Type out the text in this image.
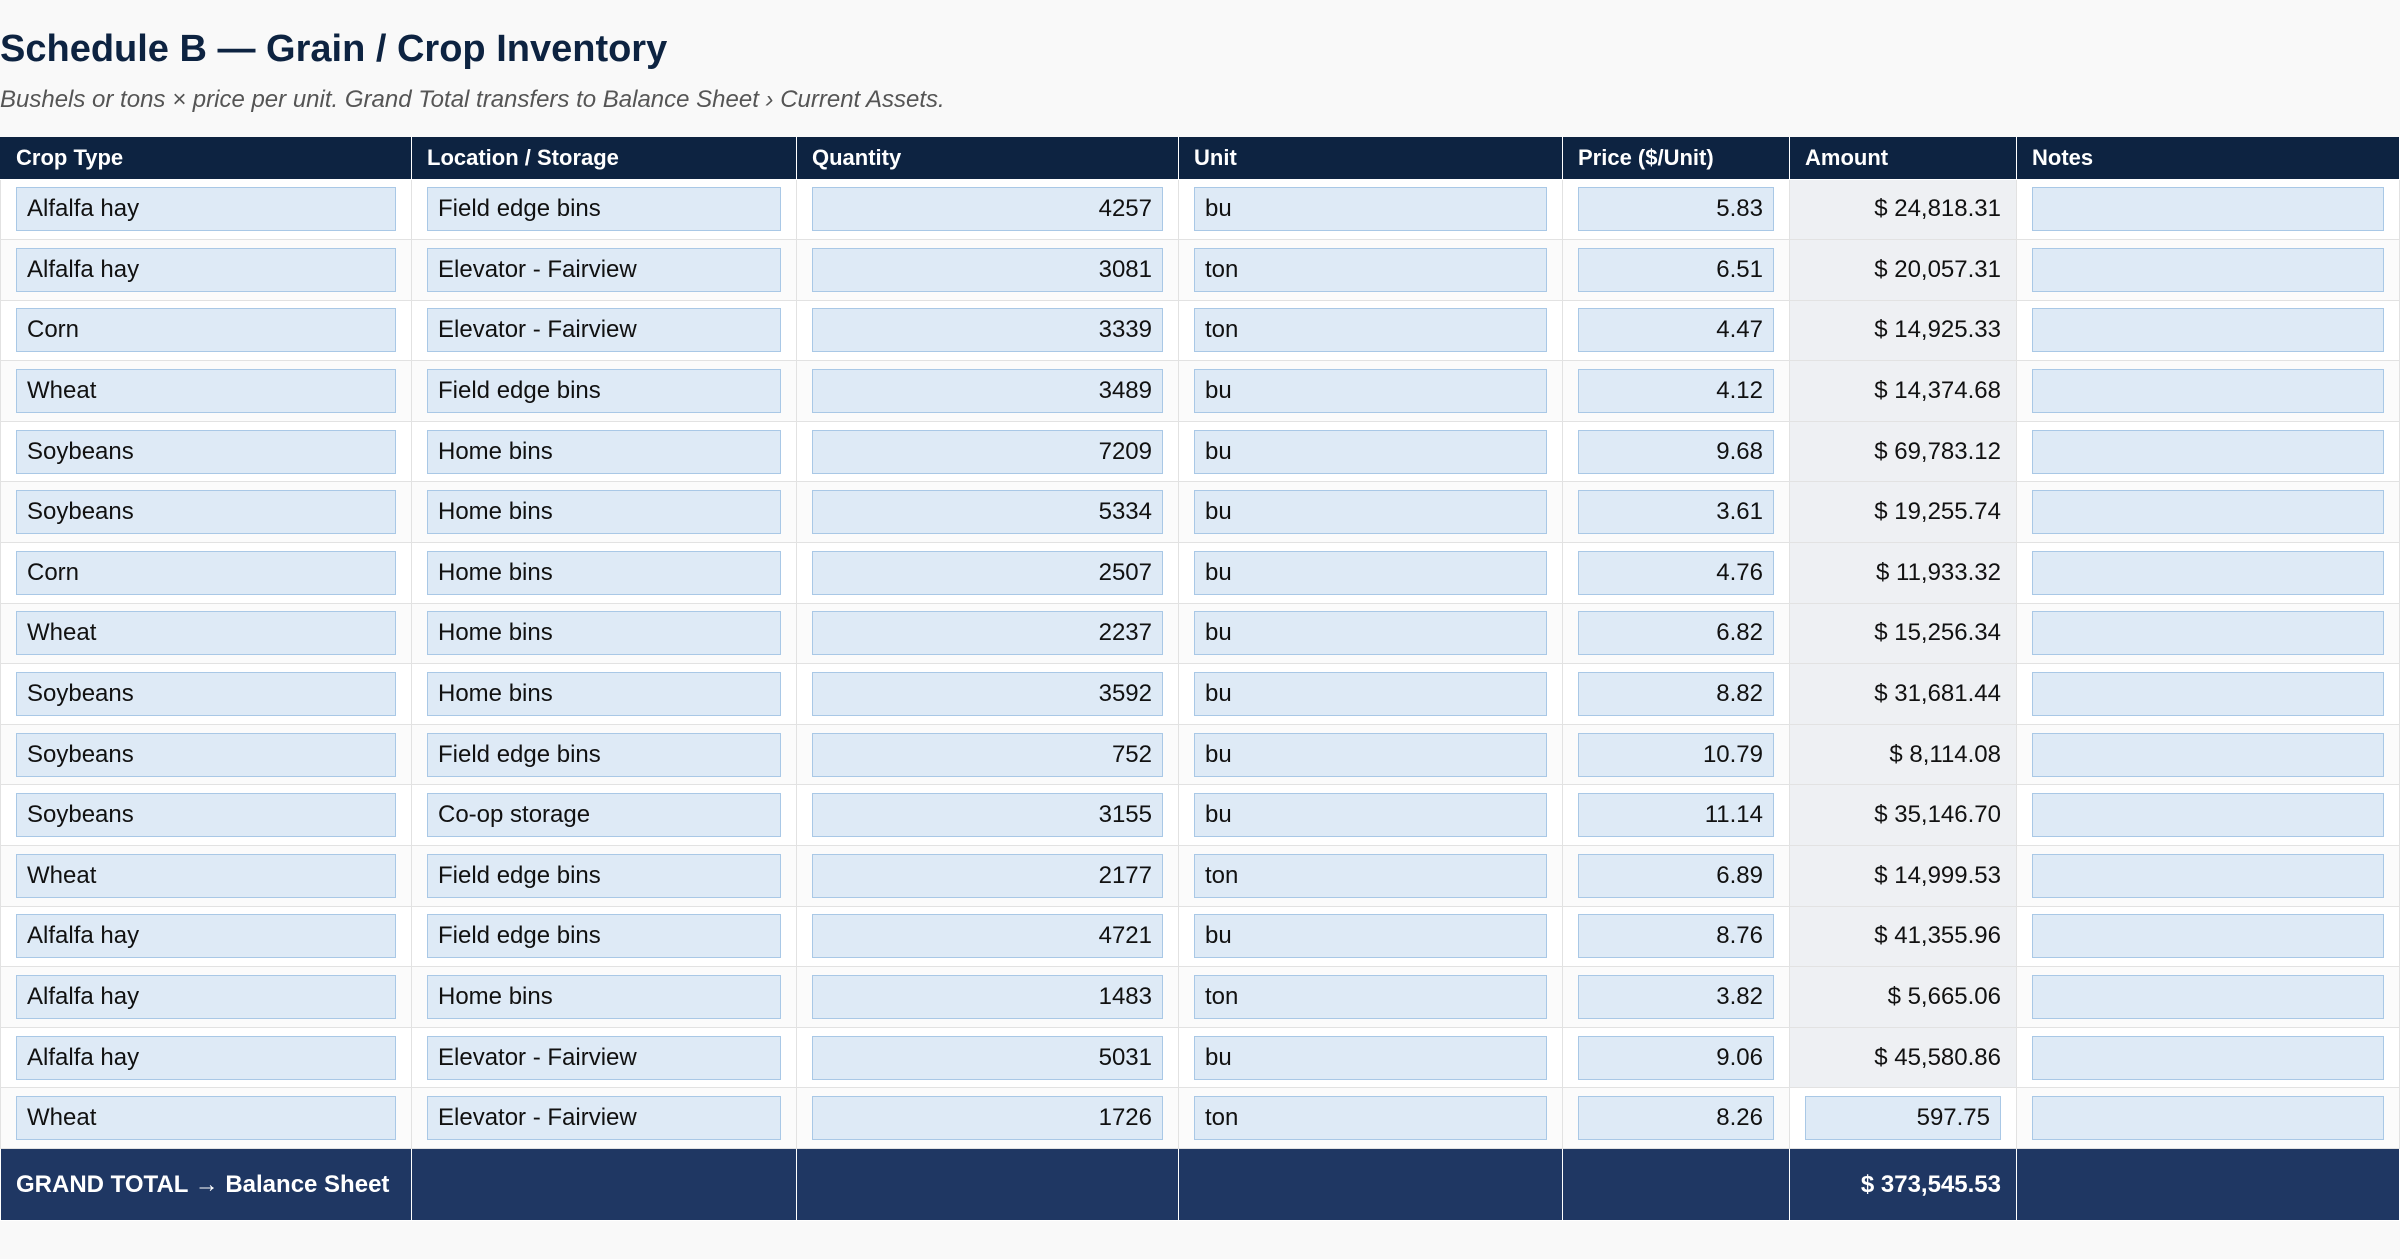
Schedule B — Grain / Crop Inventory
Bushels or tons × price per unit. Grand Total transfers to Balance Sheet › Current Assets.
Crop Type	Location / Storage	Quantity	Unit	Price ($/Unit)	Amount	Notes

Alfalfa hay	Field edge bins	4257	bu	5.83	$ 24,818.31	

Alfalfa hay	Elevator - Fairview	3081	ton	6.51	$ 20,057.31	

Corn	Elevator - Fairview	3339	ton	4.47	$ 14,925.33	

Wheat	Field edge bins	3489	bu	4.12	$ 14,374.68	

Soybeans	Home bins	7209	bu	9.68	$ 69,783.12	

Soybeans	Home bins	5334	bu	3.61	$ 19,255.74	

Corn	Home bins	2507	bu	4.76	$ 11,933.32	

Wheat	Home bins	2237	bu	6.82	$ 15,256.34	

Soybeans	Home bins	3592	bu	8.82	$ 31,681.44	

Soybeans	Field edge bins	752	bu	10.79	$ 8,114.08	

Soybeans	Co-op storage	3155	bu	11.14	$ 35,146.70	

Wheat	Field edge bins	2177	ton	6.89	$ 14,999.53	

Alfalfa hay	Field edge bins	4721	bu	8.76	$ 41,355.96	

Alfalfa hay	Home bins	1483	ton	3.82	$ 5,665.06	

Alfalfa hay	Elevator - Fairview	5031	bu	9.06	$ 45,580.86	

Wheat	Elevator - Fairview	1726	ton	8.26	597.75	

GRAND TOTAL → Balance Sheet					$ 373,545.53	
